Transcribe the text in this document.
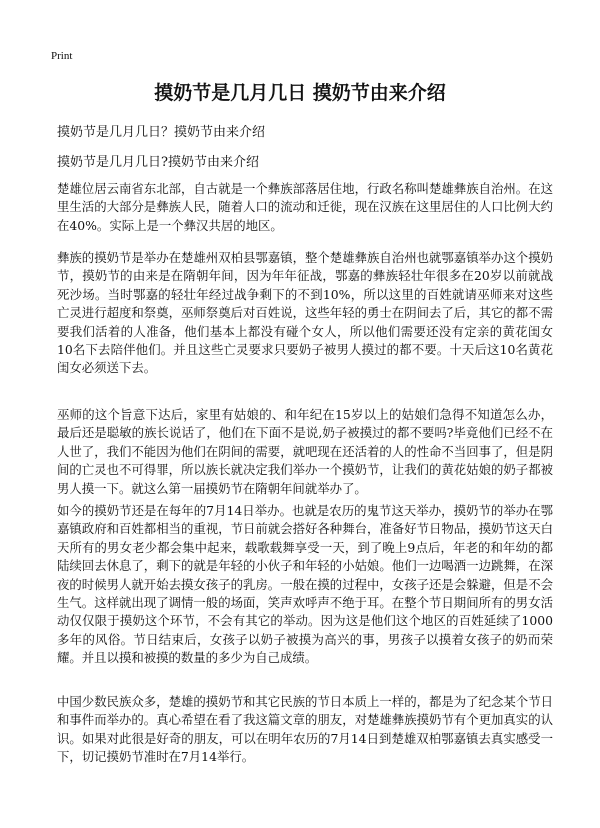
Print
摸奶节是几月几日 摸奶节由来介绍

摸奶节是几月几日？摸奶节由来介绍

摸奶节是几月几日?摸奶节由来介绍

楚雄位居云南省东北部，自古就是一个彝族部落居住地，行政名称叫楚雄彝族自治州。在这里生活的大部分是彝族人民，随着人口的流动和迁徙，现在汉族在这里居住的人口比例大约在40%。实际上是一个彝汉共居的地区。

彝族的摸奶节是举办在楚雄州双柏县鄂嘉镇，整个楚雄彝族自治州也就鄂嘉镇举办这个摸奶节，摸奶节的由来是在隋朝年间，因为年年征战，鄂嘉的彝族轻壮年很多在20岁以前就战死沙场。当时鄂嘉的轻壮年经过战争剩下的不到10%，所以这里的百姓就请巫师来对这些亡灵进行超度和祭奠，巫师祭奠后对百姓说，这些年轻的勇士在阴间去了后，其它的都不需要我们活着的人准备，他们基本上都没有碰个女人，所以他们需要还没有定亲的黄花闺女10名下去陪伴他们。并且这些亡灵要求只要奶子被男人摸过的都不要。十天后这10名黄花闺女必须送下去。

巫师的这个旨意下达后，家里有姑娘的、和年纪在15岁以上的姑娘们急得不知道怎么办，最后还是聪敏的族长说话了，他们在下面不是说,奶子被摸过的都不要吗?毕竟他们已经不在人世了，我们不能因为他们在阴间的需要，就吧现在还活着的人的性命不当回事了，但是阴间的亡灵也不可得罪，所以族长就决定我们举办一个摸奶节，让我们的黄花姑娘的奶子都被男人摸一下。就这么第一届摸奶节在隋朝年间就举办了。

如今的摸奶节还是在每年的7月14日举办。也就是农历的鬼节这天举办，摸奶节的举办在鄂嘉镇政府和百姓都相当的重视，节日前就会搭好各种舞台，准备好节日物品，摸奶节这天白天所有的男女老少都会集中起来，载歌载舞享受一天，到了晚上9点后，年老的和年幼的都陆续回去休息了，剩下的就是年轻的小伙子和年轻的小姑娘。他们一边喝酒一边跳舞，在深夜的时候男人就开始去摸女孩子的乳房。一般在摸的过程中，女孩子还是会躲避，但是不会生气。这样就出现了调情一般的场面，笑声欢呼声不绝于耳。在整个节日期间所有的男女活动仅仅限于摸奶这个环节，不会有其它的举动。因为这是他们这个地区的百姓延续了1000多年的风俗。节日结束后，女孩子以奶子被摸为高兴的事，男孩子以摸着女孩子的奶而荣耀。并且以摸和被摸的数量的多少为自己成绩。

中国少数民族众多，楚雄的摸奶节和其它民族的节日本质上一样的，都是为了纪念某个节日和事件而举办的。真心希望在看了我这篇文章的朋友，对楚雄彝族摸奶节有个更加真实的认识。如果对此很是好奇的朋友，可以在明年农历的7月14日到楚雄双柏鄂嘉镇去真实感受一下，切记摸奶节准时在7月14举行。
